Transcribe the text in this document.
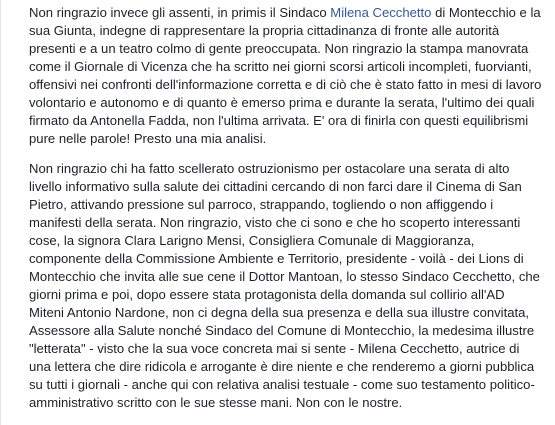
Non ringrazio invece gli assenti, in primis il Sindaco Milena Cecchetto di Montecchio e la sua Giunta, indegne di rappresentare la propria cittadinanza di fronte alle autorità presenti e a un teatro colmo di gente preoccupata. Non ringrazio la stampa manovrata come il Giornale di Vicenza che ha scritto nei giorni scorsi articoli incompleti, fuorvianti, offensivi nei confronti dell'informazione corretta e di ciò che è stato fatto in mesi di lavoro volontario e autonomo e di quanto è emerso prima e durante la serata, l'ultimo dei quali firmato da Antonella Fadda, non l'ultima arrivata. E' ora di finirla con questi equilibrismi pure nelle parole! Presto una mia analisi.

Non ringrazio chi ha fatto scellerato ostruzionismo per ostacolare una serata di alto livello informativo sulla salute dei cittadini cercando di non farci dare il Cinema di San Pietro, attivando pressione sul parroco, strappando, togliendo o non affiggendo i manifesti della serata. Non ringrazio, visto che ci sono e che ho scoperto interessanti cose, la signora Clara Larigno Mensi, Consigliera Comunale di Maggioranza, componente della Commissione Ambiente e Territorio, presidente - voilà - dei Lions di Montecchio che invita alle sue cene il Dottor Mantoan, lo stesso Sindaco Cecchetto, che giorni prima e poi, dopo essere stata protagonista della domanda sul collirio all'AD Miteni Antonio Nardone, non ci degna della sua presenza e della sua illustre convitata, Assessore alla Salute nonché Sindaco del Comune di Montecchio, la medesima illustre "letterata" - visto che la sua voce concreta mai si sente - Milena Cecchetto, autrice di una lettera che dire ridicola e arrogante è dire niente e che renderemo a giorni pubblica su tutti i giornali - anche qui con relativa analisi testuale - come suo testamento politico-amministrativo scritto con le sue stesse mani. Non con le nostre.
